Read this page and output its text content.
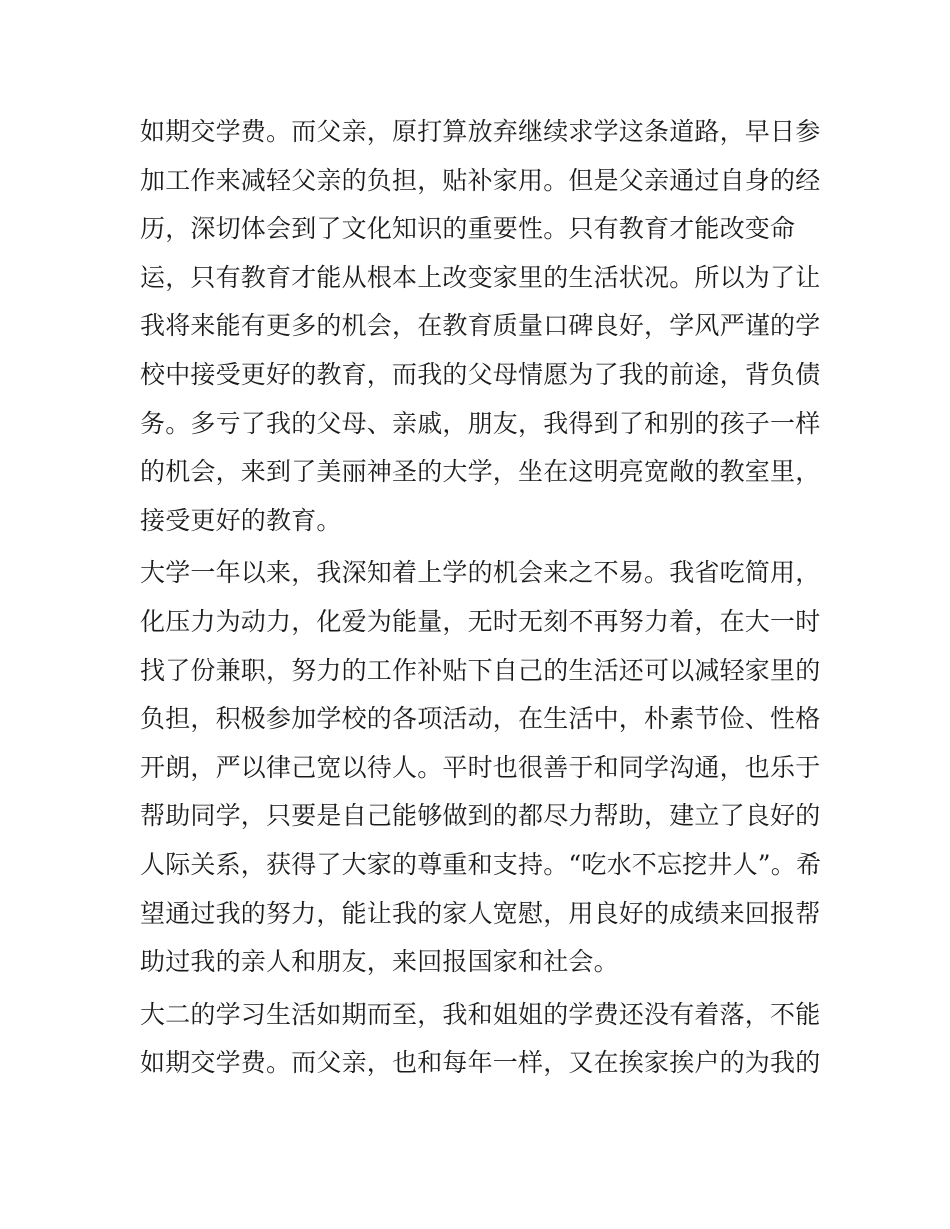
如期交学费。而父亲，原打算放弃继续求学这条道路，早日参
加工作来减轻父亲的负担，贴补家用。但是父亲通过自身的经
历，深切体会到了文化知识的重要性。只有教育才能改变命
运，只有教育才能从根本上改变家里的生活状况。所以为了让
我将来能有更多的机会，在教育质量口碑良好，学风严谨的学
校中接受更好的教育，而我的父母情愿为了我的前途，背负债
务。多亏了我的父母、亲戚，朋友，我得到了和别的孩子一样
的机会，来到了美丽神圣的大学，坐在这明亮宽敞的教室里，
接受更好的教育。
大学一年以来，我深知着上学的机会来之不易。我省吃简用，
化压力为动力，化爱为能量，无时无刻不再努力着，在大一时
找了份兼职，努力的工作补贴下自己的生活还可以减轻家里的
负担，积极参加学校的各项活动，在生活中，朴素节俭、性格
开朗，严以律己宽以待人。平时也很善于和同学沟通，也乐于
帮助同学，只要是自己能够做到的都尽力帮助，建立了良好的
人际关系，获得了大家的尊重和支持。“吃水不忘挖井人”。希
望通过我的努力，能让我的家人宽慰，用良好的成绩来回报帮
助过我的亲人和朋友，来回报国家和社会。
大二的学习生活如期而至，我和姐姐的学费还没有着落，不能
如期交学费。而父亲，也和每年一样，又在挨家挨户的为我的
